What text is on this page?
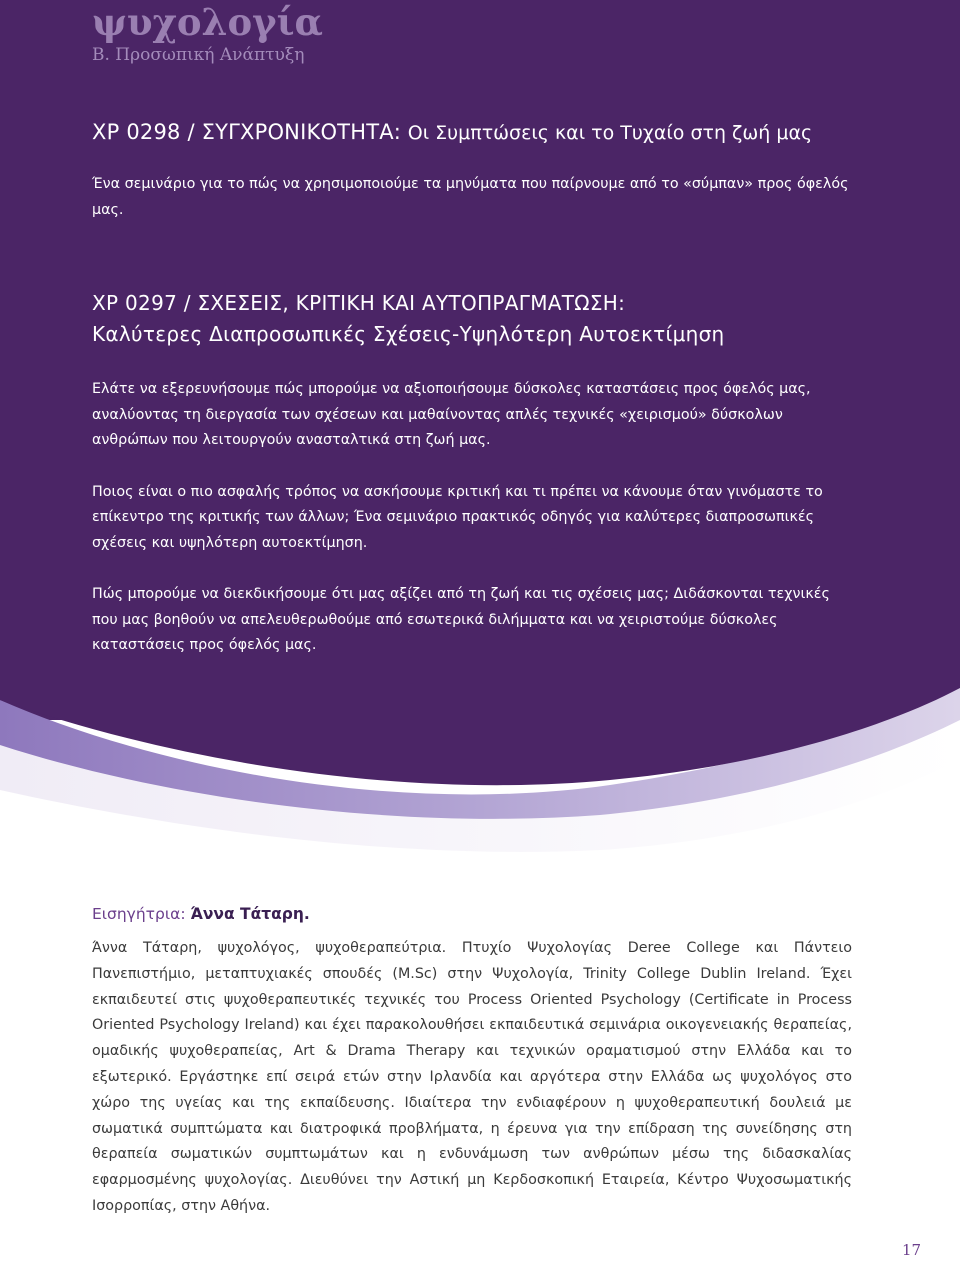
ψυχολογία

Β. Προσωπική Ανάπτυξη

ΧΡ 0298 / ΣΥΓΧΡΟΝΙΚΟΤΗΤΑ: Οι Συμπτώσεις και το Τυχαίο στη ζωή μας

Ένα σεμινάριο για το πώς να χρησιμοποιούμε τα μηνύματα που παίρνουμε από το «σύμπαν» προς όφελός μας.

ΧΡ 0297 / ΣΧΕΣΕΙΣ, ΚΡΙΤΙΚΗ ΚΑΙ ΑΥΤΟΠΡΑΓΜΑΤΩΣΗ:
Καλύτερες Διαπροσωπικές Σχέσεις-Υψηλότερη Αυτοεκτίμηση

Ελάτε να εξερευνήσουμε πώς μπορούμε να αξιοποιήσουμε δύσκολες καταστάσεις προς όφελός μας, αναλύοντας τη διεργασία των σχέσεων και μαθαίνοντας απλές τεχνικές «χειρισμού» δύσκολων ανθρώπων που λειτουργούν ανασταλτικά στη ζωή μας.

Ποιος είναι ο πιο ασφαλής τρόπος να ασκήσουμε κριτική και τι πρέπει να κάνουμε όταν γινόμαστε το επίκεντρο της κριτικής των άλλων; Ένα σεμινάριο πρακτικός οδηγός για καλύτερες διαπροσωπικές σχέσεις και υψηλότερη αυτοεκτίμηση.

Πώς μπορούμε να διεκδικήσουμε ότι μας αξίζει από τη ζωή και τις σχέσεις μας; Διδάσκονται τεχνικές που μας βοηθούν να απελευθερωθούμε από εσωτερικά διλήμματα και να χειριστούμε δύσκολες καταστάσεις προς όφελός μας.

Εισηγήτρια: Άννα Τάταρη.

Άννα Τάταρη, ψυχολόγος, ψυχοθεραπεύτρια. Πτυχίο Ψυχολογίας Deree College και Πάντειο Πανεπιστήμιο, μεταπτυχιακές σπουδές (M.Sc) στην Ψυχολογία, Trinity College Dublin Ireland. Έχει εκπαιδευτεί στις ψυχοθεραπευτικές τεχνικές του Process Oriented Psychology (Certificate in Process Oriented Psychology Ireland) και έχει παρακολουθήσει εκπαιδευτικά σεμινάρια οικογενειακής θεραπείας, ομαδικής ψυχοθεραπείας, Art & Drama Therapy και τεχνικών οραματισμού στην Ελλάδα και το εξωτερικό. Εργάστηκε επί σειρά ετών στην Ιρλανδία και αργότερα στην Ελλάδα ως ψυχολόγος στο χώρο της υγείας και της εκπαίδευσης. Ιδιαίτερα την ενδιαφέρουν η ψυχοθεραπευτική δουλειά με σωματικά συμπτώματα και διατροφικά προβλήματα, η έρευνα για την επίδραση της συνείδησης στη θεραπεία σωματικών συμπτωμάτων και η ενδυνάμωση των ανθρώπων μέσω της διδασκαλίας εφαρμοσμένης ψυχολογίας. Διευθύνει την Αστική μη Κερδοσκοπική Εταιρεία, Κέντρο Ψυχοσωματικής Ισορροπίας, στην Αθήνα.

17
